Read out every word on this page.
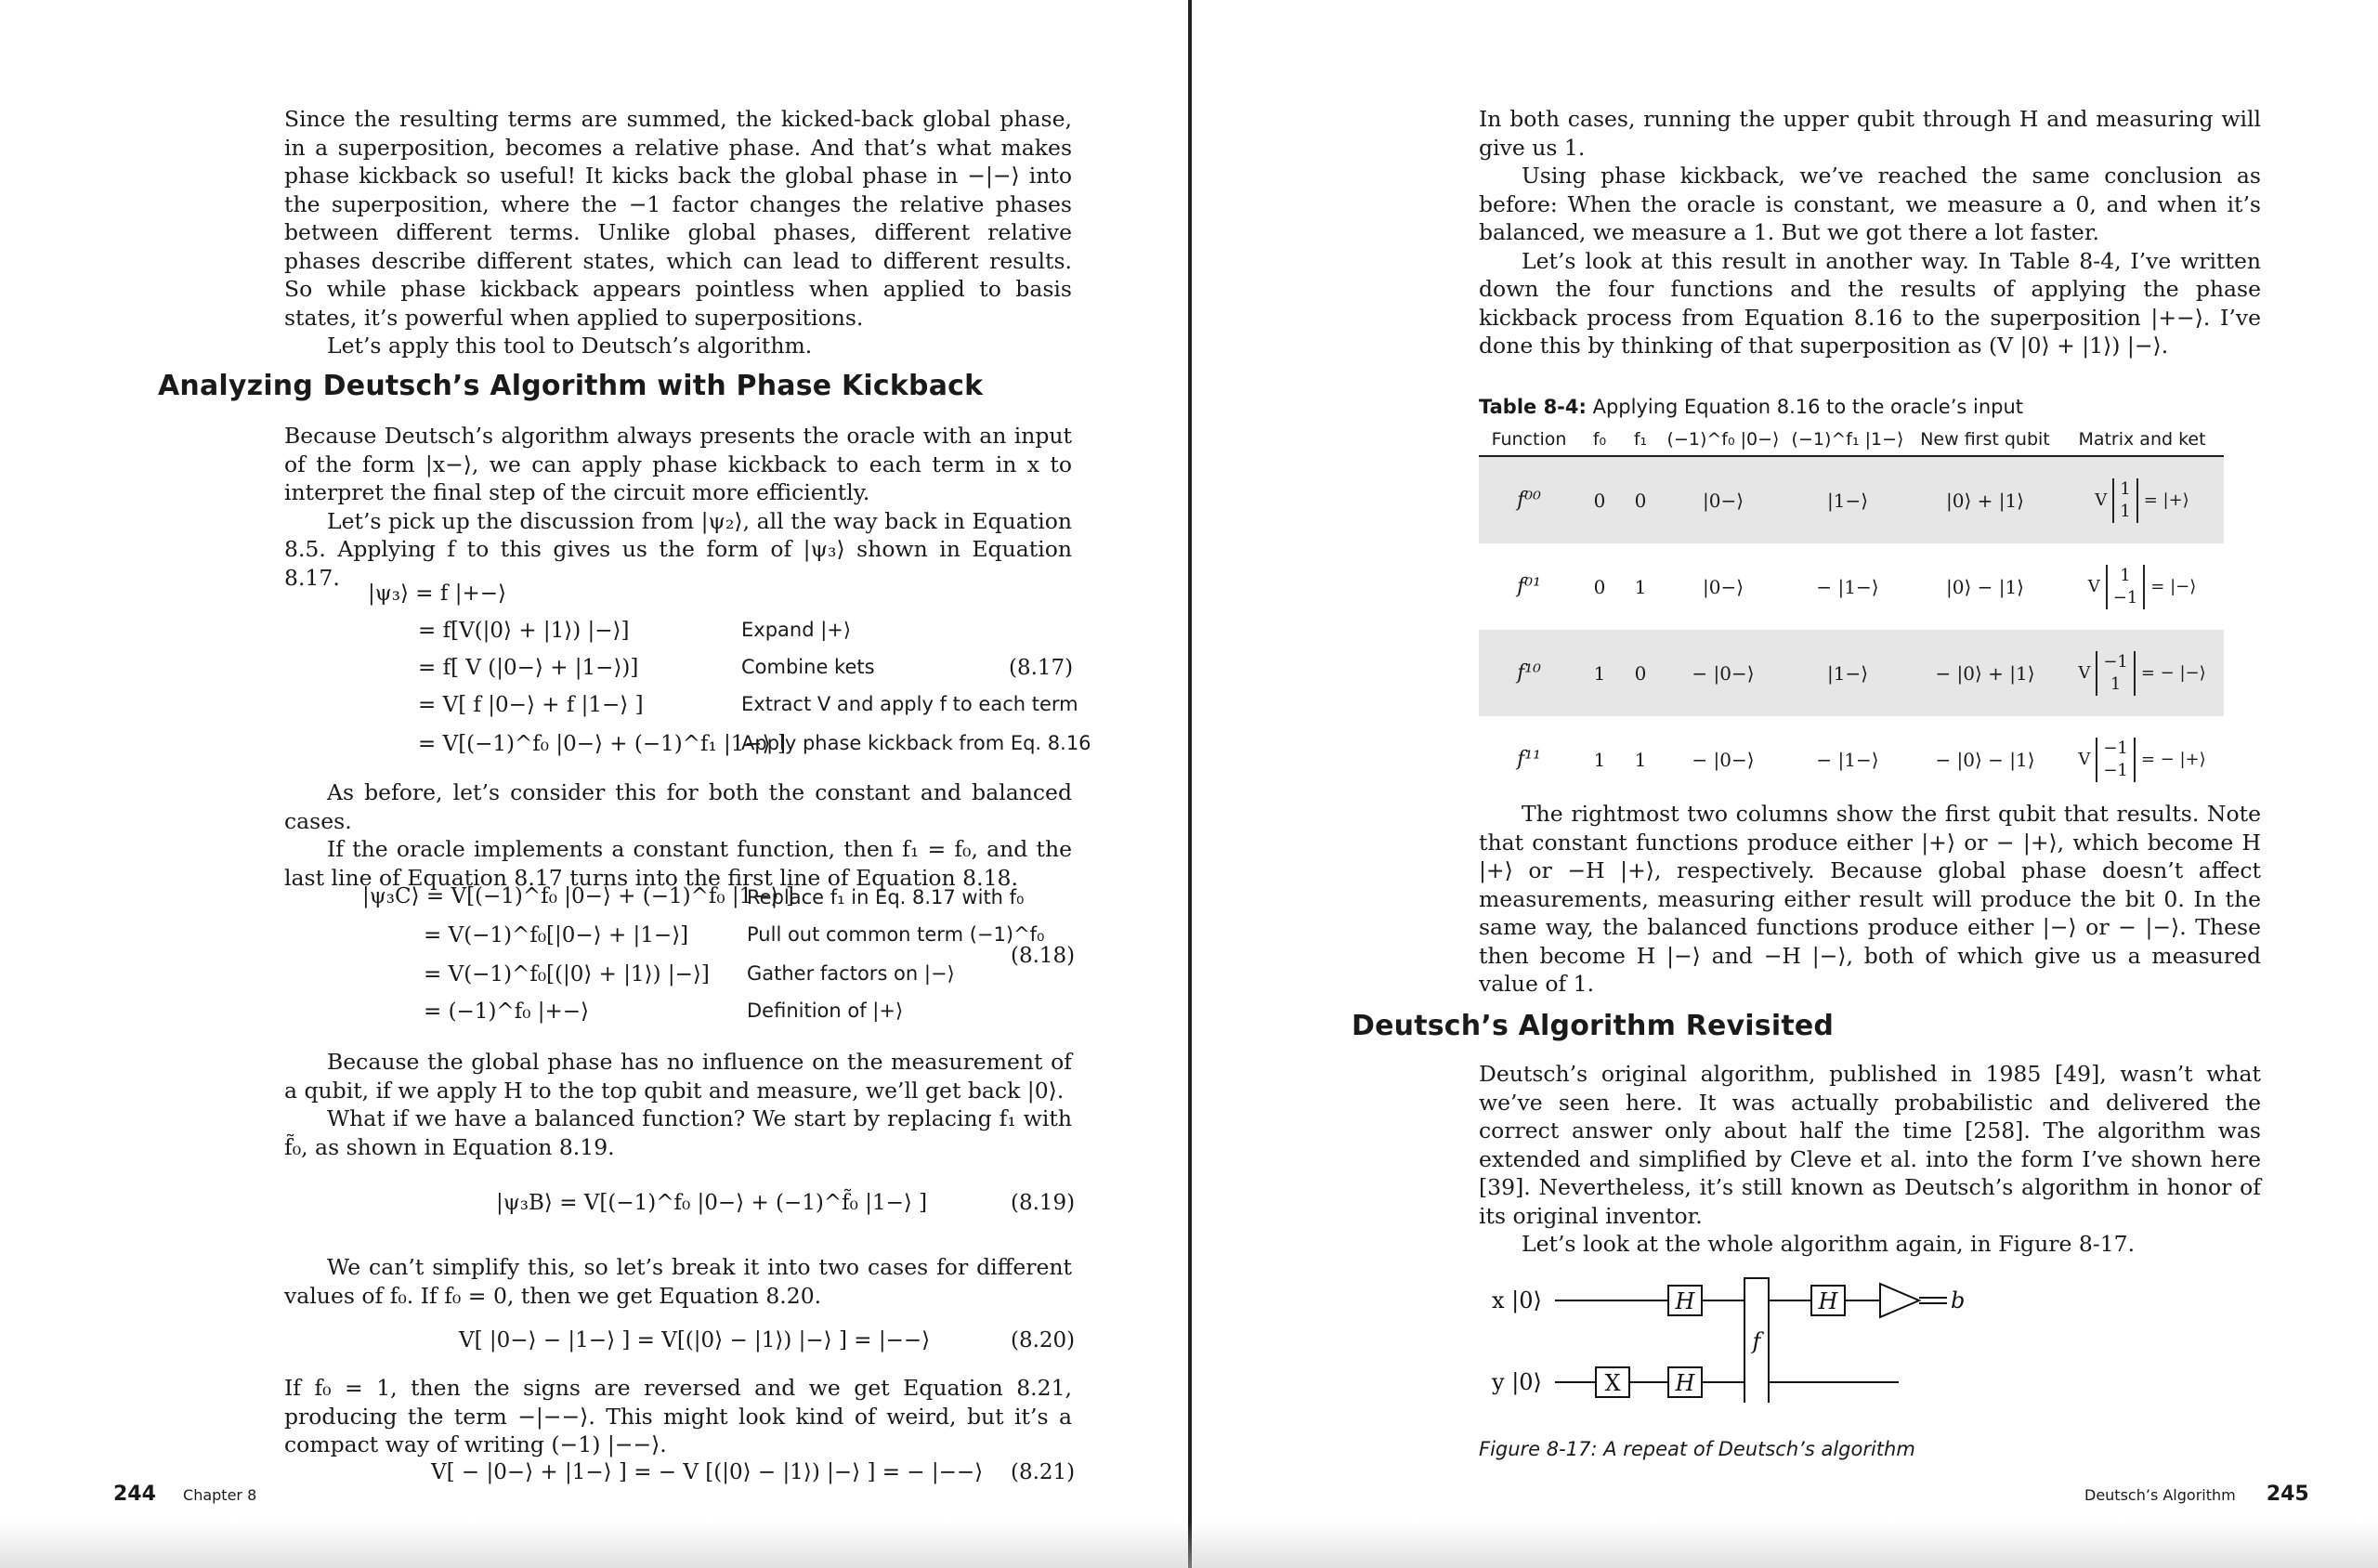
Since the resulting terms are summed, the kicked-back global phase, in a superposition, becomes a relative phase. And that’s what makes phase kickback so useful! It kicks back the global phase in −|−⟩ into the superposition, where the −1 factor changes the relative phases between different terms. Unlike global phases, different relative phases describe different states, which can lead to different results. So while phase kickback appears pointless when applied to basis states, it’s powerful when applied to superpositions.

Let’s apply this tool to Deutsch’s algorithm.

Analyzing Deutsch’s Algorithm with Phase Kickback

Because Deutsch’s algorithm always presents the oracle with an input of the form |x−⟩, we can apply phase kickback to each term in x to interpret the final step of the circuit more efficiently.

Let’s pick up the discussion from |ψ₂⟩, all the way back in Equation 8.5. Applying f to this gives us the form of |ψ₃⟩ shown in Equation 8.17.

|ψ₃⟩ = f |+−⟩
= f[V(|0⟩ + |1⟩) |−⟩]	Expand |+⟩
= f[ V (|0−⟩ + |1−⟩)]	Combine kets
= V[ f |0−⟩ + f |1−⟩ ]	Extract V and apply f to each term
= V[(−1)^f₀ |0−⟩ + (−1)^f₁ |1−⟩ ]
Apply phase kickback from Eq. 8.16
(8.17)

As before, let’s consider this for both the constant and balanced cases.

If the oracle implements a constant function, then f₁ = f₀, and the last line of Equation 8.17 turns into the first line of Equation 8.18.

|ψ₃C⟩ = V[(−1)^f₀ |0−⟩ + (−1)^f₀ |1−⟩ ]
Replace f₁ in Eq. 8.17 with f₀
= V(−1)^f₀[|0−⟩ + |1−⟩]	Pull out common term (−1)^f₀
= V(−1)^f₀[(|0⟩ + |1⟩) |−⟩] Gather factors on |−⟩
= (−1)^f₀ |+−⟩	Definition of |+⟩
(8.18)

Because the global phase has no influence on the measurement of a qubit, if we apply H to the top qubit and measure, we’ll get back |0⟩.

What if we have a balanced function? We start by replacing f₁ with f̃₀, as shown in Equation 8.19.

|ψ₃B⟩ = V[(−1)^f₀ |0−⟩ + (−1)^f̃₀ |1−⟩ ]	(8.19)

We can’t simplify this, so let’s break it into two cases for different values of f₀. If f₀ = 0, then we get Equation 8.20.

V[ |0−⟩ − |1−⟩ ] = V[(|0⟩ − |1⟩) |−⟩ ] = |−−⟩	(8.20)

If f₀ = 1, then the signs are reversed and we get Equation 8.21, producing the term −|−−⟩. This might look kind of weird, but it’s a compact way of writing (−1) |−−⟩.

V[ − |0−⟩ + |1−⟩ ] = − V [(|0⟩ − |1⟩) |−⟩ ] = − |−−⟩ (8.21)
244 Chapter 8

In both cases, running the upper qubit through H and measuring will give us 1.

Using phase kickback, we’ve reached the same conclusion as before: When the oracle is constant, we measure a 0, and when it’s balanced, we measure a 1. But we got there a lot faster.

Let’s look at this result in another way. In Table 8-4, I’ve written down the four functions and the results of applying the phase kickback process from Equation 8.16 to the superposition |+−⟩. I’ve done this by thinking of that superposition as (V |0⟩ + |1⟩) |−⟩.

Table 8-4: Applying Equation 8.16 to the oracle’s input
Function	f₀	f₁	(−1)^f₀ |0−⟩	(−1)^f₁ |1−⟩	New first qubit	Matrix and ket
f⁰⁰	0	0	|0−⟩	|1−⟩	|0⟩ + |1⟩	V
1
1
= |+⟩

f⁰¹	0	1	|0−⟩	− |1−⟩	|0⟩ − |1⟩	V
1
−1
= |−⟩

f¹⁰	1	0	− |0−⟩	|1−⟩	− |0⟩ + |1⟩	V
−1
1
= − |−⟩

f¹¹	1	1	− |0−⟩	− |1−⟩	− |0⟩ − |1⟩	V
−1
−1
= − |+⟩

The rightmost two columns show the first qubit that results. Note that constant functions produce either |+⟩ or − |+⟩, which become H |+⟩ or −H |+⟩, respectively. Because global phase doesn’t affect measurements, measuring either result will produce the bit 0. In the same way, the balanced functions produce either |−⟩ or − |−⟩. These then become H |−⟩ and −H |−⟩, both of which give us a measured value of 1.

Deutsch’s Algorithm Revisited

Deutsch’s original algorithm, published in 1985 [49], wasn’t what we’ve seen here. It was actually probabilistic and delivered the correct answer only about half the time [258]. The algorithm was extended and simplified by Cleve et al. into the form I’ve shown here [39]. Nevertheless, it’s still known as Deutsch’s algorithm in honor of its original inventor.

Let’s look at the whole algorithm again, in Figure 8-17.

x |0⟩
y |0⟩
H
X H
f
H	b
Figure 8-17: A repeat of Deutsch’s algorithm
Deutsch’s Algorithm 245
